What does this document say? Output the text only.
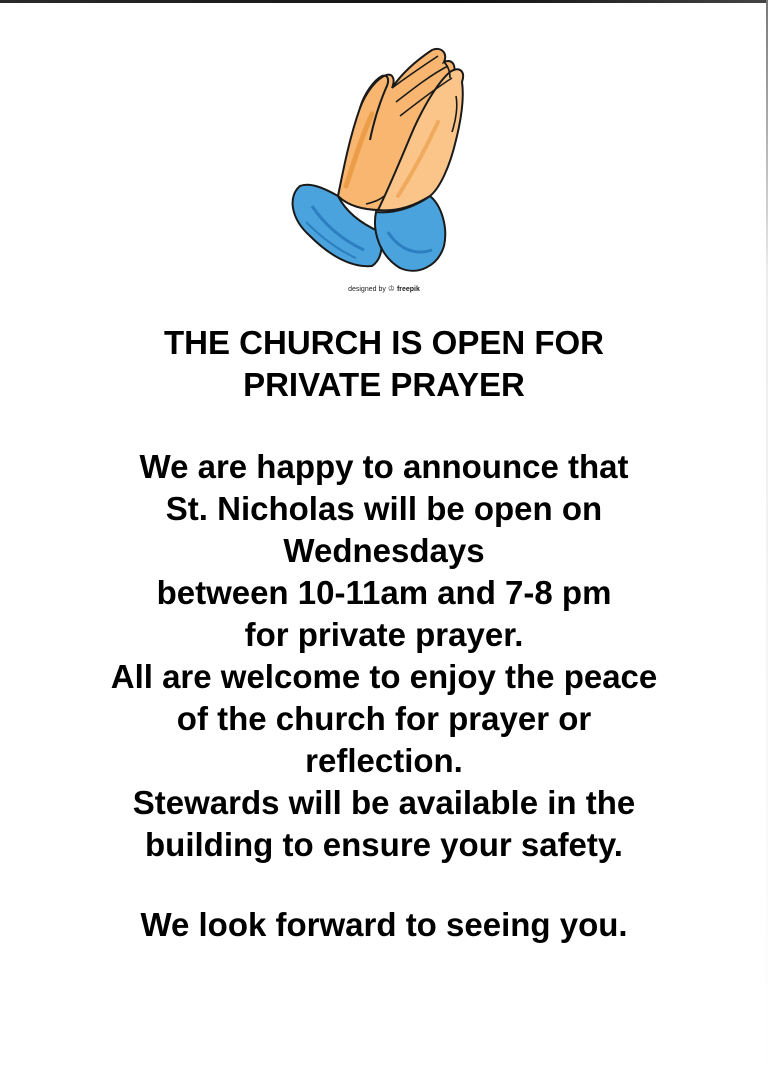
designed by ♔ freepik
THE CHURCH IS OPEN FOR
PRIVATE PRAYER
We are happy to announce that
St. Nicholas will be open on
Wednesdays
between 10-11am and 7-8 pm
for private prayer.
All are welcome to enjoy the peace
of the church for prayer or
reflection.
Stewards will be available in the
building to ensure your safety.
We look forward to seeing you.
